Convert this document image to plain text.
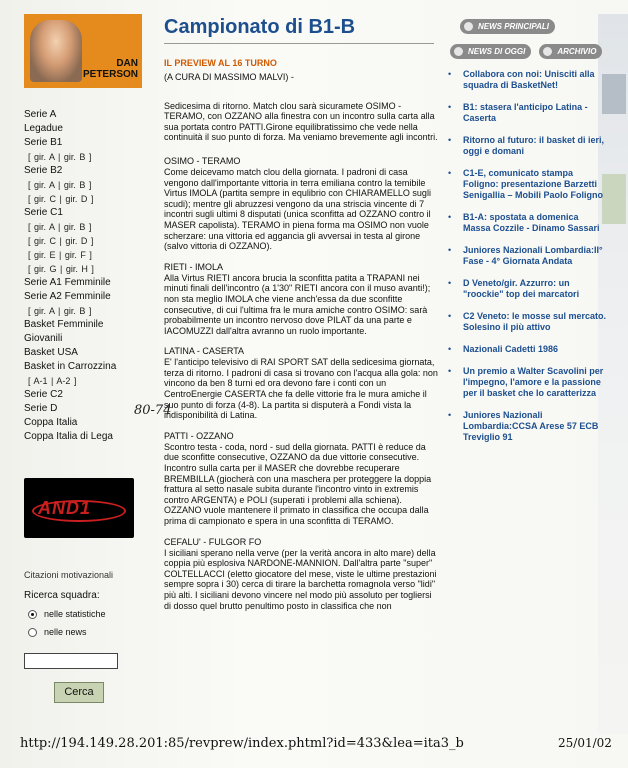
DAN
PETERSON
Serie A
Legadue
Serie B1
[ gir. A | gir. B ]
Serie B2
[ gir. A | gir. B ]
[ gir. C | gir. D ]
Serie C1
[ gir. A | gir. B ]
[ gir. C | gir. D ]
[ gir. E | gir. F ]
[ gir. G | gir. H ]
Serie A1 Femminile
Serie A2 Femminile
[ gir. A | gir. B ]
Basket Femminile
Giovanili
Basket USA
Basket in Carrozzina
[ A-1 | A-2 ]
Serie C2
Serie D
Coppa Italia
Coppa Italia di Lega
AND1
Citazioni motivazionali
Ricerca squadra:
nelle statistiche
nelle news
Cerca
Campionato di B1-B
IL PREVIEW AL 16 TURNO
(A CURA DI MASSIMO MALVI) -
Sedicesima di ritorno. Match clou sarà sicuramete OSIMO - TERAMO, con OZZANO alla finestra con un incontro sulla carta alla sua portata contro PATTI.Girone equilibratissimo che vede nella continuità il suo punto di forza. Ma veniamo brevemente agli incontri.
OSIMO - TERAMO
Come deicevamo match clou della giornata. I padroni di casa vengono dall'importante vittoria in terra emiliana contro la temibile Virtus IMOLA (partita sempre in equlibrio con CHIARAMELLO sugli scudi); mentre gli abruzzesi vengono da una striscia vincente di 7 incontri sugli ultimi 8 disputati (unica sconfitta ad OZZANO contro il MASER capolista). TERAMO in piena forma ma OSIMO non vuole scherzare: una vittoria ed aggancia gli avversai in testa al girone (salvo vittoria di OZZANO).
RIETI - IMOLA
Alla Virtus RIETI ancora brucia la sconfitta patita a TRAPANI nei minuti finali dell'incontro (a 1'30" RIETI ancora con il muso avanti!); non sta meglio IMOLA che viene anch'essa da due sconfitte consecutive, di cui l'ultima fra le mura amiche contro OSIMO: sarà probabilmente un incontro nervoso dove PILAT da una parte e IACOMUZZI dall'altra avranno un ruolo importante.
LATINA - CASERTA
E' l'anticipo televisivo di RAI SPORT SAT della sedicesima giornata, terza di ritorno. I padroni di casa si trovano con l'acqua alla gola: non vincono da ben 8 turni ed ora devono fare i conti con un CentroEnergie CASERTA che fa delle vittorie fra le mura amiche il suo punto di forza (4-8). La partita si disputerà a Fondi vista la indisponibilità di Latina.
PATTI - OZZANO
Scontro testa - coda, nord - sud della giornata. PATTI è reduce da due sconfitte consecutive, OZZANO da due vittorie consecutive. Incontro sulla carta per il MASER che dovrebbe recuperare BREMBILLA (giocherà con una maschera per proteggere la doppia frattura al setto nasale subita durante l'incontro vinto in extremis contro ARGENTA) e POLI (superati i problemi alla schiena). OZZANO vuole mantenere il primato in classifica che occupa dalla prima di campionato e spera in una sconfitta di TERAMO.
CEFALU' - FULGOR FO
I siciliani sperano nella verve (per la verità ancora in alto mare) della coppia più esplosiva NARDONE-MANNION. Dall'altra parte "super" COLTELLACCI (eletto giocatore del mese, viste le ultime prestazioni sempre sopra i 30) cerca di tirare la barchetta romagnola verso "lidi" più alti. I siciliani devono vincere nel modo più assoluto per togliersi di dosso quel brutto penultimo posto in classifica che non
80-74
NEWS PRINCIPALI
NEWS DI OGGI	ARCHIVIO
•	Collabora con noi: Unisciti alla squadra di BasketNet!
•	B1: stasera l'anticipo Latina - Caserta
•	Ritorno al futuro: il basket di ieri, oggi e domani
•	C1-E, comunicato stampa Foligno: presentazione Barzetti Senigallia – Mobili Paolo Foligno
•	B1-A: spostata a domenica Massa Cozzile - Dinamo Sassari
•	Juniores Nazionali Lombardia:II° Fase - 4° Giornata Andata
•	D Veneto/gir. Azzurro: un "roockie" top dei marcatori
•	C2 Veneto: le mosse sul mercato. Solesino il più attivo
•	Nazionali Cadetti 1986
•	Un premio a Walter Scavolini per l'impegno, l'amore e la passione per il basket che lo caratterizza
•	Juniores Nazionali Lombardia:CCSA Arese 57 ECB Treviglio 91
http://194.149.28.201:85/revprew/index.phtml?id=433&lea=ita3_b	25/01/02
